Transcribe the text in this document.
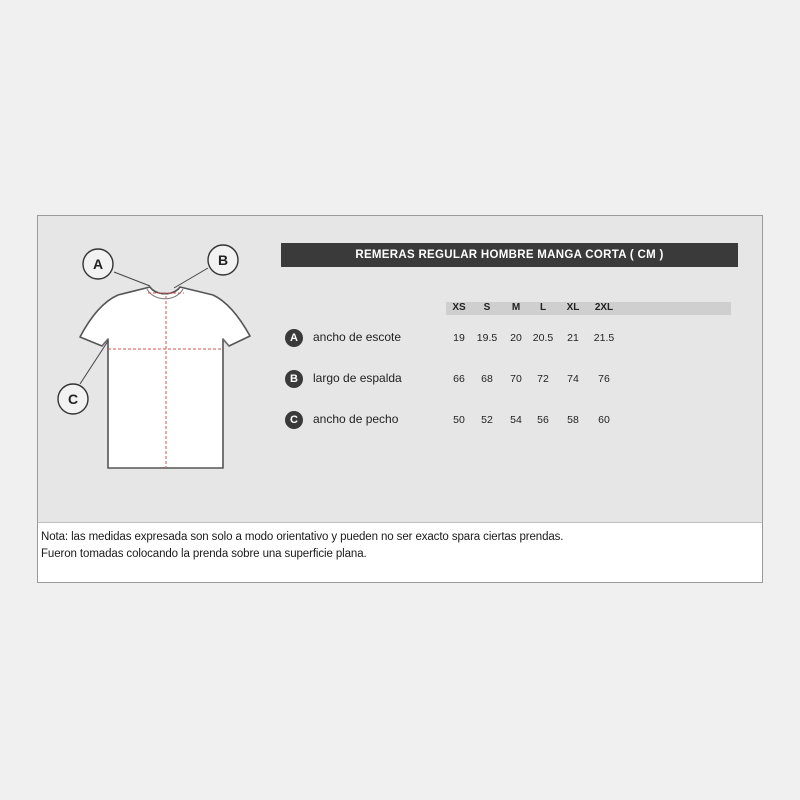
A	B
C
REMERAS REGULAR HOMBRE MANGA CORTA ( CM )
XS	S	M	L	XL	2XL
A	ancho de escote	19	19.5	20	20.5	21	21.5
B	largo de espalda	66	68	70	72	74	76
C	ancho de pecho	50	52	54	56	58	60
Nota: las medidas expresada son solo a modo orientativo y pueden no ser exacto spara ciertas prendas.
Fueron tomadas colocando la prenda sobre una superficie plana.
